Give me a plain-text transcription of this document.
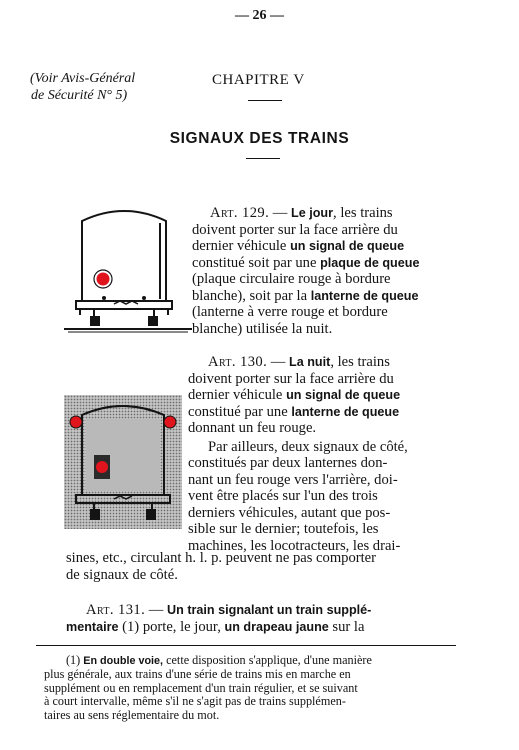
— 26 —
(Voir Avis-Général
de Sécurité N° 5)
CHAPITRE V
SIGNAUX DES TRAINS
Art. 129. — Le jour, les trains
doivent porter sur la face arrière du
dernier véhicule un signal de queue
constitué soit par une plaque de queue
(plaque circulaire rouge à bordure
blanche), soit par la lanterne de queue
(lanterne à verre rouge et bordure
blanche) utilisée la nuit.
Art. 130. — La nuit, les trains
doivent porter sur la face arrière du
dernier véhicule un signal de queue
constitué par une lanterne de queue
donnant un feu rouge.
Par ailleurs, deux signaux de côté,
constitués par deux lanternes don-
nant un feu rouge vers l'arrière, doi-
vent être placés sur l'un des trois
derniers véhicules, autant que pos-
sible sur le dernier; toutefois, les
machines, les locotracteurs, les drai-
sines, etc., circulant h. l. p. peuvent ne pas comporter
de signaux de côté.
Art. 131. — Un train signalant un train supplé-
mentaire (1) porte, le jour, un drapeau jaune sur la
(1) En double voie, cette disposition s'applique, d'une manière
plus générale, aux trains d'une série de trains mis en marche en
supplément ou en remplacement d'un train régulier, et se suivant
à court intervalle, même s'il ne s'agit pas de trains supplémen-
taires au sens réglementaire du mot.
